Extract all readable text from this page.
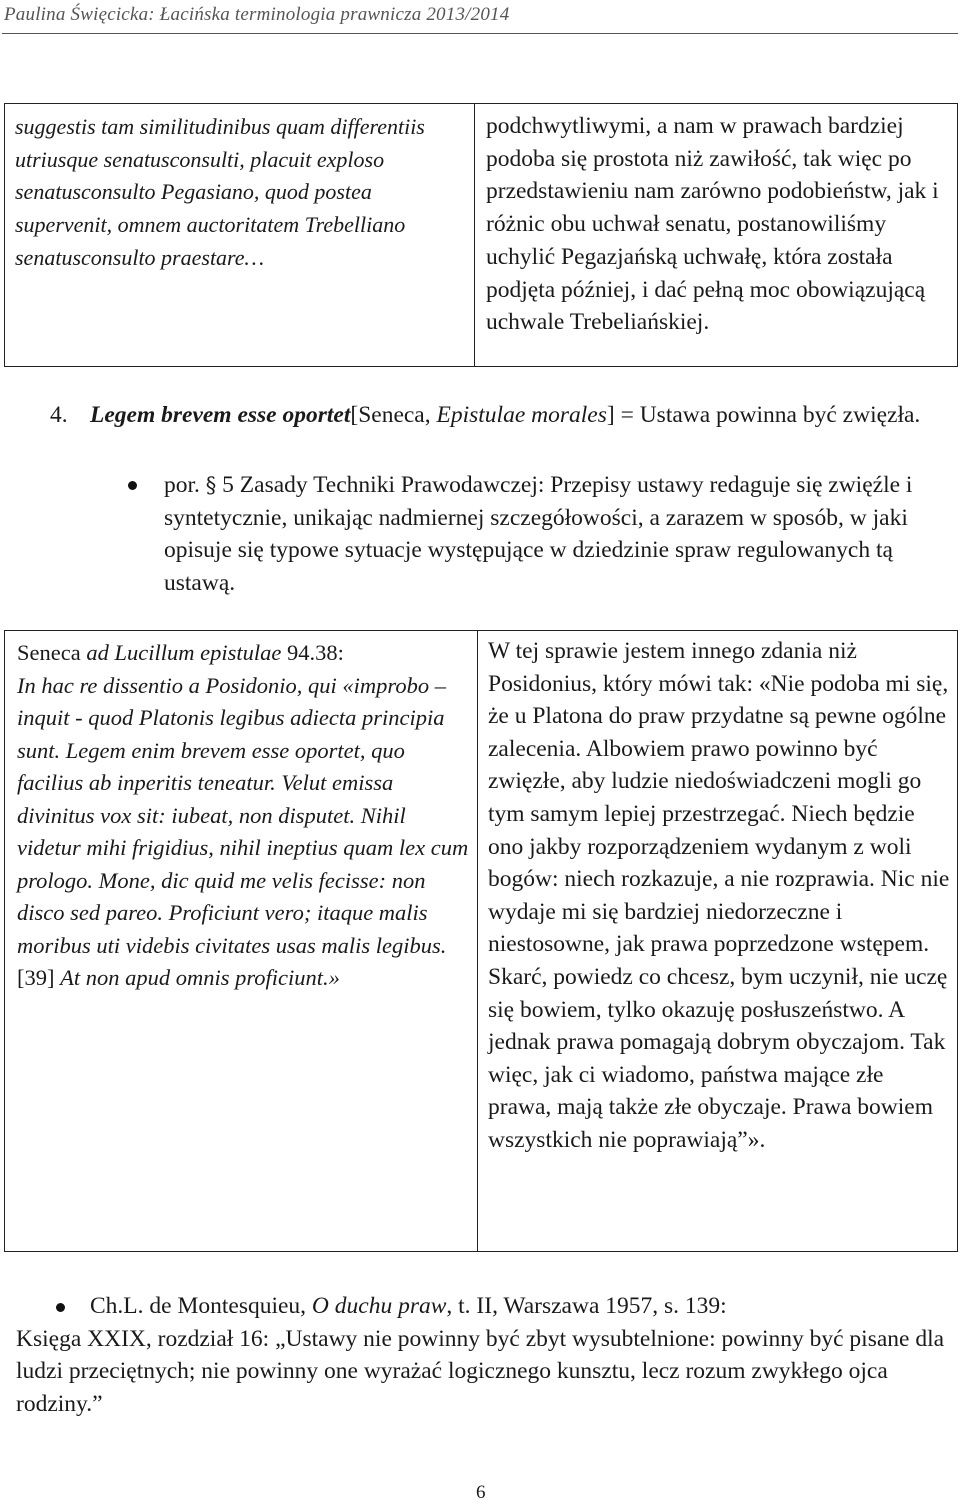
Paulina Święcicka: Łacińska terminologia prawnicza 2013/2014
suggestis tam similitudinibus quam differentiis utriusque senatusconsulti, placuit exploso senatusconsulto Pegasiano, quod postea supervenit, omnem auctoritatem Trebelliano senatusconsulto praestare…	podchwytliwymi, a nam w prawach bardziej podoba się prostota niż zawiłość, tak więc po przedstawieniu nam zarówno podobieństw, jak i różnic obu uchwał senatu, postanowiliśmy uchylić Pegazjańską uchwałę, która została podjęta później, i dać pełną moc obowiązującą uchwale Trebeliańskiej.
4. Legem brevem esse oportet[Seneca, Epistulae morales] = Ustawa powinna być zwięzła.
por. § 5 Zasady Techniki Prawodawczej: Przepisy ustawy redaguje się zwięźle i syntetycznie, unikając nadmiernej szczegółowości, a zarazem w sposób, w jaki opisuje się typowe sytuacje występujące w dziedzinie spraw regulowanych tą ustawą.
Seneca ad Lucillum epistulae 94.38:
In hac re dissentio a Posidonio, qui «improbo – inquit - quod Platonis legibus adiecta principia sunt. Legem enim brevem esse oportet, quo facilius ab inperitis teneatur. Velut emissa divinitus vox sit: iubeat, non disputet. Nihil videtur mihi frigidius, nihil ineptius quam lex cum prologo. Mone, dic quid me velis fecisse: non disco sed pareo. Proficiunt vero; itaque malis moribus uti videbis civitates usas malis legibus. [39] At non apud omnis proficiunt.»
	W tej sprawie jestem innego zdania niż Posidonius, który mówi tak: «Nie podoba mi się, że u Platona do praw przydatne są pewne ogólne zalecenia. Albowiem prawo powinno być zwięzłe, aby ludzie niedoświadczeni mogli go tym samym lepiej przestrzegać. Niech będzie ono jakby rozporządzeniem wydanym z woli bogów: niech rozkazuje, a nie rozprawia. Nic nie wydaje mi się bardziej niedorzeczne i niestosowne, jak prawa poprzedzone wstępem. Skarć, powiedz co chcesz, bym uczynił, nie uczę się bowiem, tylko okazuję posłuszeństwo. A jednak prawa pomagają dobrym obyczajom. Tak więc, jak ci wiadomo, państwa mające złe prawa, mają także złe obyczaje. Prawa bowiem wszystkich nie poprawiają”».
Ch.L. de Montesquieu, O duchu praw, t. II, Warszawa 1957, s. 139:
Księga XXIX, rozdział 16: „Ustawy nie powinny być zbyt wysubtelnione: powinny być pisane dla ludzi przeciętnych; nie powinny one wyrażać logicznego kunsztu, lecz rozum zwykłego ojca rodziny.”
6
